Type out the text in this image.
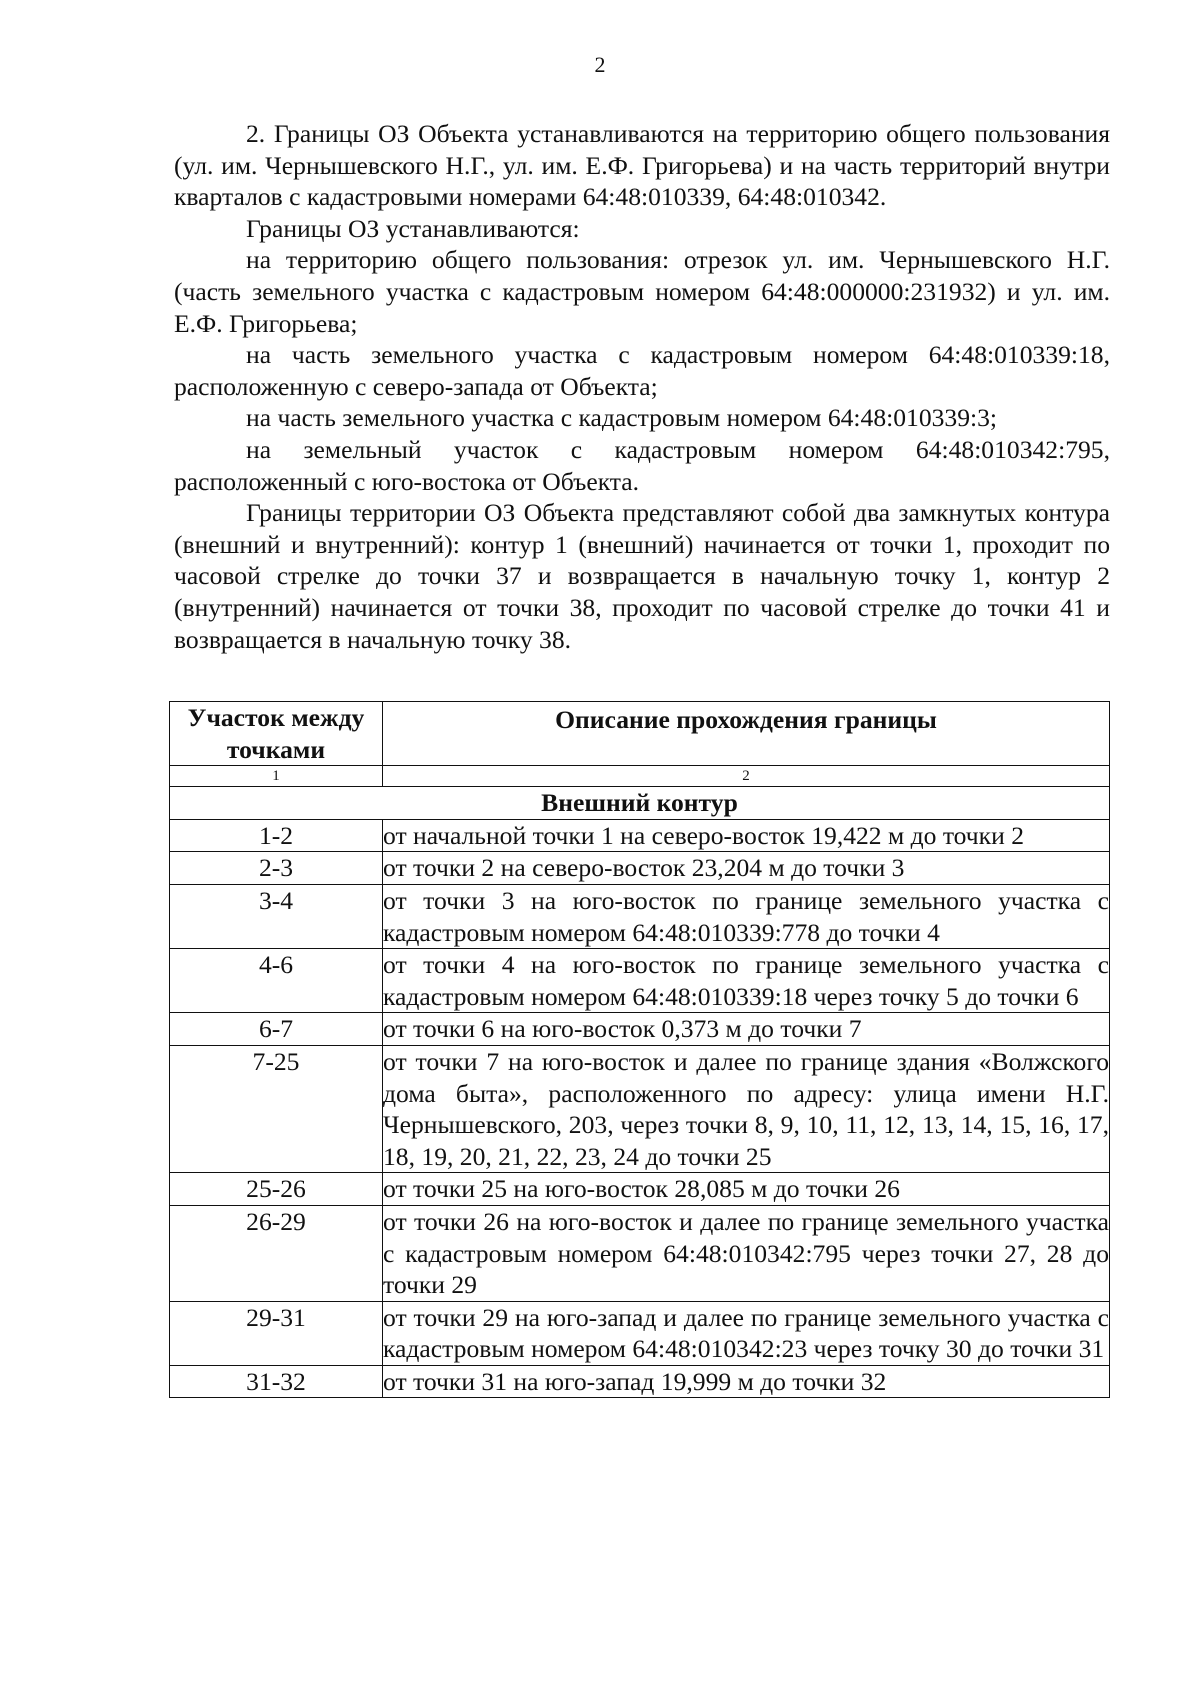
2

2. Границы ОЗ Объекта устанавливаются на территорию общего пользования (ул. им. Чернышевского Н.Г., ул. им. Е.Ф. Григорьева) и на часть территорий внутри кварталов с кадастровыми номерами 64:48:010339, 64:48:010342.

Границы ОЗ устанавливаются:

на территорию общего пользования: отрезок ул. им. Чернышевского Н.Г. (часть земельного участка с кадастровым номером 64:48:000000:231932) и ул. им. Е.Ф. Григорьева;

на часть земельного участка с кадастровым номером 64:48:010339:18, расположенную с северо-запада от Объекта;

на часть земельного участка с кадастровым номером 64:48:010339:3;

на земельный участок с кадастровым номером 64:48:010342:795, расположенный с юго-востока от Объекта.

Границы территории ОЗ Объекта представляют собой два замкнутых контура (внешний и внутренний): контур 1 (внешний) начинается от точки 1, проходит по часовой стрелке до точки 37 и возвращается в начальную точку 1, контур 2 (внутренний) начинается от точки 38, проходит по часовой стрелке до точки 41 и возвращается в начальную точку 38.

Участок между точками	Описание прохождения границы
1	2
Внешний контур	
1-2	от начальной точки 1 на северо-восток 19,422 м до точки 2
2-3	от точки 2 на северо-восток 23,204 м до точки 3
3-4	от точки 3 на юго-восток по границе земельного участка с кадастровым номером 64:48:010339:778 до точки 4
4-6	от точки 4 на юго-восток по границе земельного участка с кадастровым номером 64:48:010339:18 через точку 5 до точки 6
6-7	от точки 6 на юго-восток 0,373 м до точки 7
7-25	от точки 7 на юго-восток и далее по границе здания «Волжского дома быта», расположенного по адресу: улица имени Н.Г. Чернышевского, 203, через точки 8, 9, 10, 11, 12, 13, 14, 15, 16, 17, 18, 19, 20, 21, 22, 23, 24 до точки 25
25-26	от точки 25 на юго-восток 28,085 м до точки 26
26-29	от точки 26 на юго-восток и далее по границе земельного участка с кадастровым номером 64:48:010342:795 через точки 27, 28 до точки 29
29-31	от точки 29 на юго-запад и далее по границе земельного участка с кадастровым номером 64:48:010342:23 через точку 30 до точки 31
31-32	от точки 31 на юго-запад 19,999 м до точки 32
